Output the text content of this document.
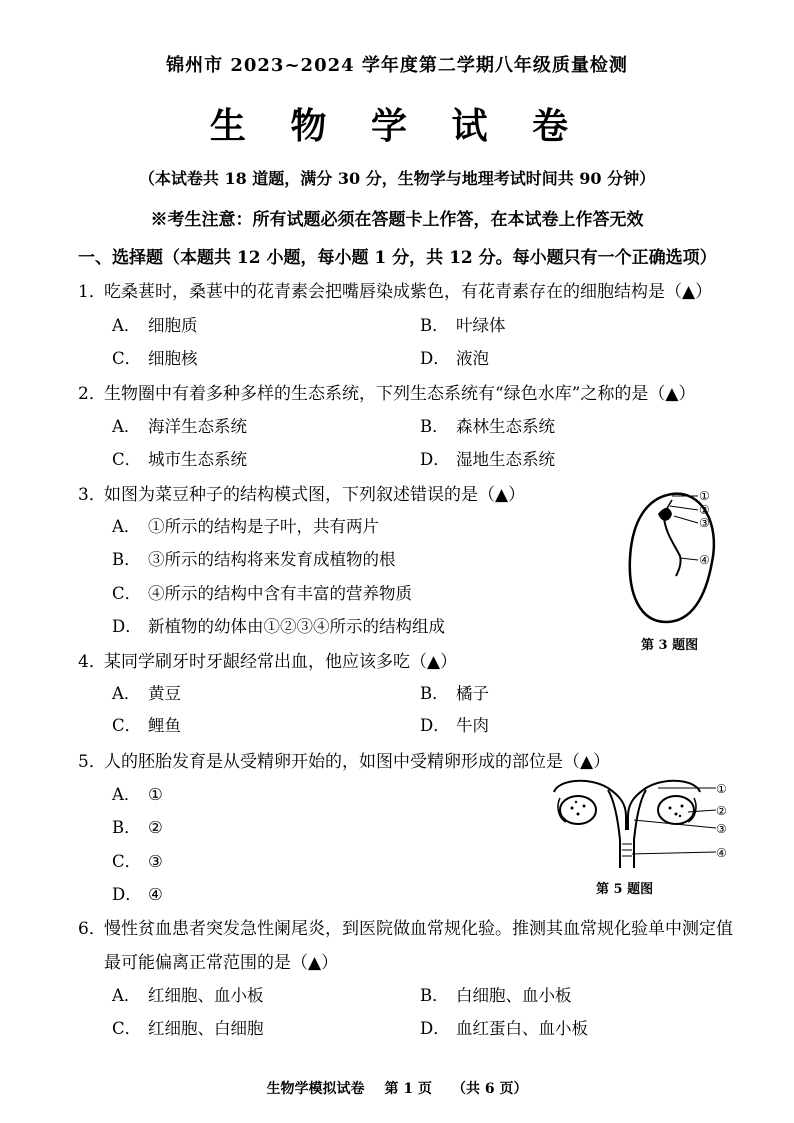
锦州市 2023~2024 学年度第二学期八年级质量检测
生 物 学 试 卷
（本试卷共 18 道题，满分 30 分，生物学与地理考试时间共 90 分钟）
※考生注意：所有试题必须在答题卡上作答，在本试卷上作答无效
一、选择题（本题共 12 小题，每小题 1 分，共 12 分。每小题只有一个正确选项）
1．吃桑葚时，桑葚中的花青素会把嘴唇染成紫色，有花青素存在的细胞结构是（▲）
A． 细胞质	B． 叶绿体
C． 细胞核	D． 液泡
2．生物圈中有着多种多样的生态系统，下列生态系统有“绿色水库”之称的是（▲）
A． 海洋生态系统	B． 森林生态系统
C． 城市生态系统	D． 湿地生态系统
3．如图为菜豆种子的结构模式图，下列叙述错误的是（▲）
A． ①所示的结构是子叶，共有两片
B． ③所示的结构将来发育成植物的根
C． ④所示的结构中含有丰富的营养物质
D． 新植物的幼体由①②③④所示的结构组成
①
②
③
④
第 3 题图
4．某同学刷牙时牙龈经常出血，他应该多吃（▲）
A． 黄豆	B． 橘子
C． 鲤鱼	D． 牛肉
5．人的胚胎发育是从受精卵开始的，如图中受精卵形成的部位是（▲）
A． ①
B． ②
C． ③
D． ④
①
②
③
④
第 5 题图
6．慢性贫血患者突发急性阑尾炎，到医院做血常规化验。推测其血常规化验单中测定值
最可能偏离正常范围的是（▲）
A． 红细胞、血小板	B． 白细胞、血小板
C． 红细胞、白细胞	D． 血红蛋白、血小板
生物学模拟试卷 第 1 页 （共 6 页）
